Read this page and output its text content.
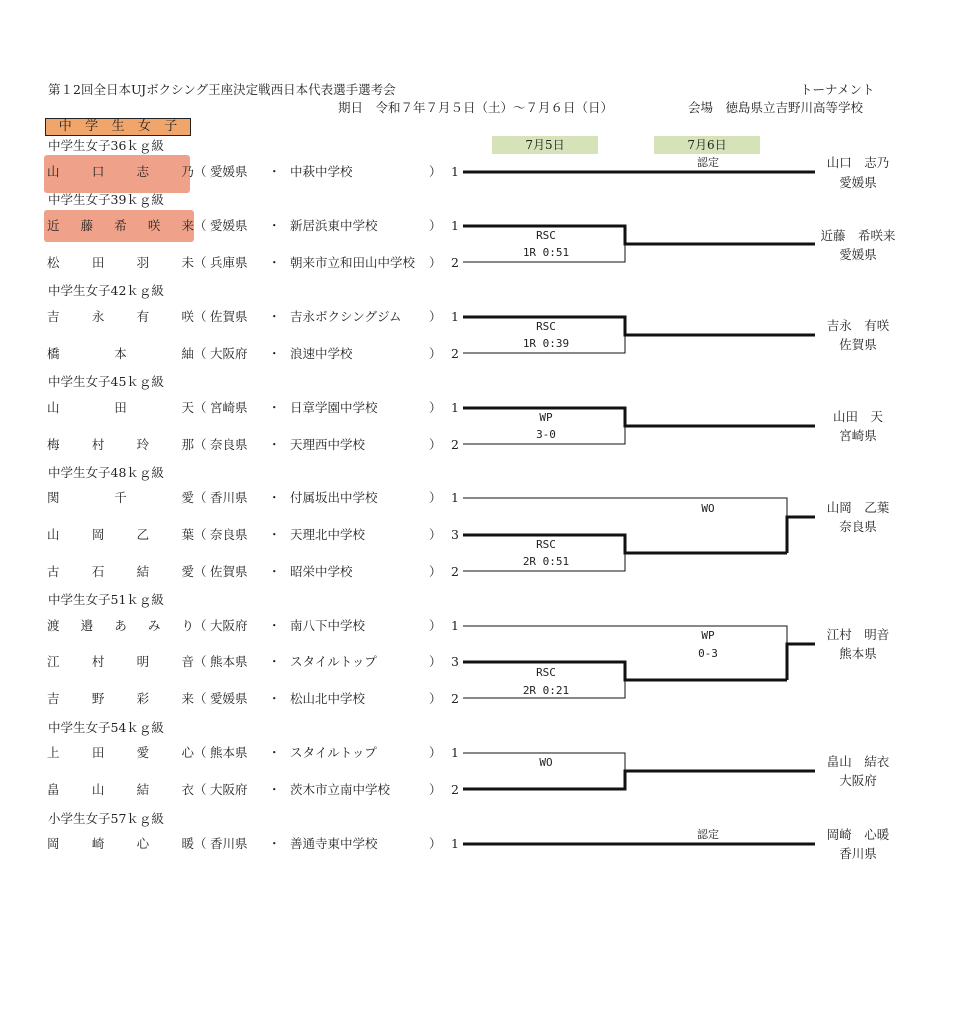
第１2回全日本UJボクシング王座決定戦西日本代表選手選考会	トーナメント
期日　令和７年７月５日（土）～７月６日（日）	会場　徳島県立吉野川高等学校
中 学 生 女 子
7月5日	7月6日
中学生女子36ｋｇ級
中学生女子39ｋｇ級
中学生女子42ｋｇ級
中学生女子45ｋｇ級
中学生女子48ｋｇ級
中学生女子51ｋｇ級
中学生女子54ｋｇ級
小学生女子57ｋｇ級
山	口	志	乃 （ 愛媛県 ・ 中萩中学校	） 1
近 藤 希 咲 来 （ 愛媛県 ・ 新居浜東中学校	） 1
松	田	羽	未 （ 兵庫県 ・ 朝来市立和田山中学校 ） 2
吉	永	有	咲 （ 佐賀県 ・ 吉永ボクシングジム ） 1
橋	本	紬 （ 大阪府 ・ 浪速中学校	） 2
山	田	天 （ 宮崎県 ・ 日章学園中学校	） 1
梅	村	玲	那 （ 奈良県 ・ 天理西中学校	） 2
関	千	愛 （ 香川県 ・ 付属坂出中学校	） 1
山	岡	乙	葉 （ 奈良県 ・ 天理北中学校	） 3
古	石	結	愛 （ 佐賀県 ・ 昭栄中学校	） 2
渡 邉 あ み り （ 大阪府 ・ 南八下中学校	） 1
江	村	明	音 （ 熊本県 ・ スタイルトップ	） 3
吉	野	彩	来 （ 愛媛県 ・ 松山北中学校	） 2
上	田	愛	心 （ 熊本県 ・ スタイルトップ	） 1
畠	山	結	衣 （ 大阪府 ・ 茨木市立南中学校	） 2
岡	崎	心	暖 （ 香川県 ・ 善通寺東中学校	） 1
認定
RSC
1R 0:51
RSC
1R 0:39
WP
3-0
RSC
2R 0:51
WO
RSC
2R 0:21
WP
0-3
WO
認定
山口　志乃
愛媛県
近藤　希咲来
愛媛県
吉永　有咲
佐賀県
山田　天
宮崎県
山岡　乙葉
奈良県
江村　明音
熊本県
畠山　結衣
大阪府
岡崎　心暖
香川県
